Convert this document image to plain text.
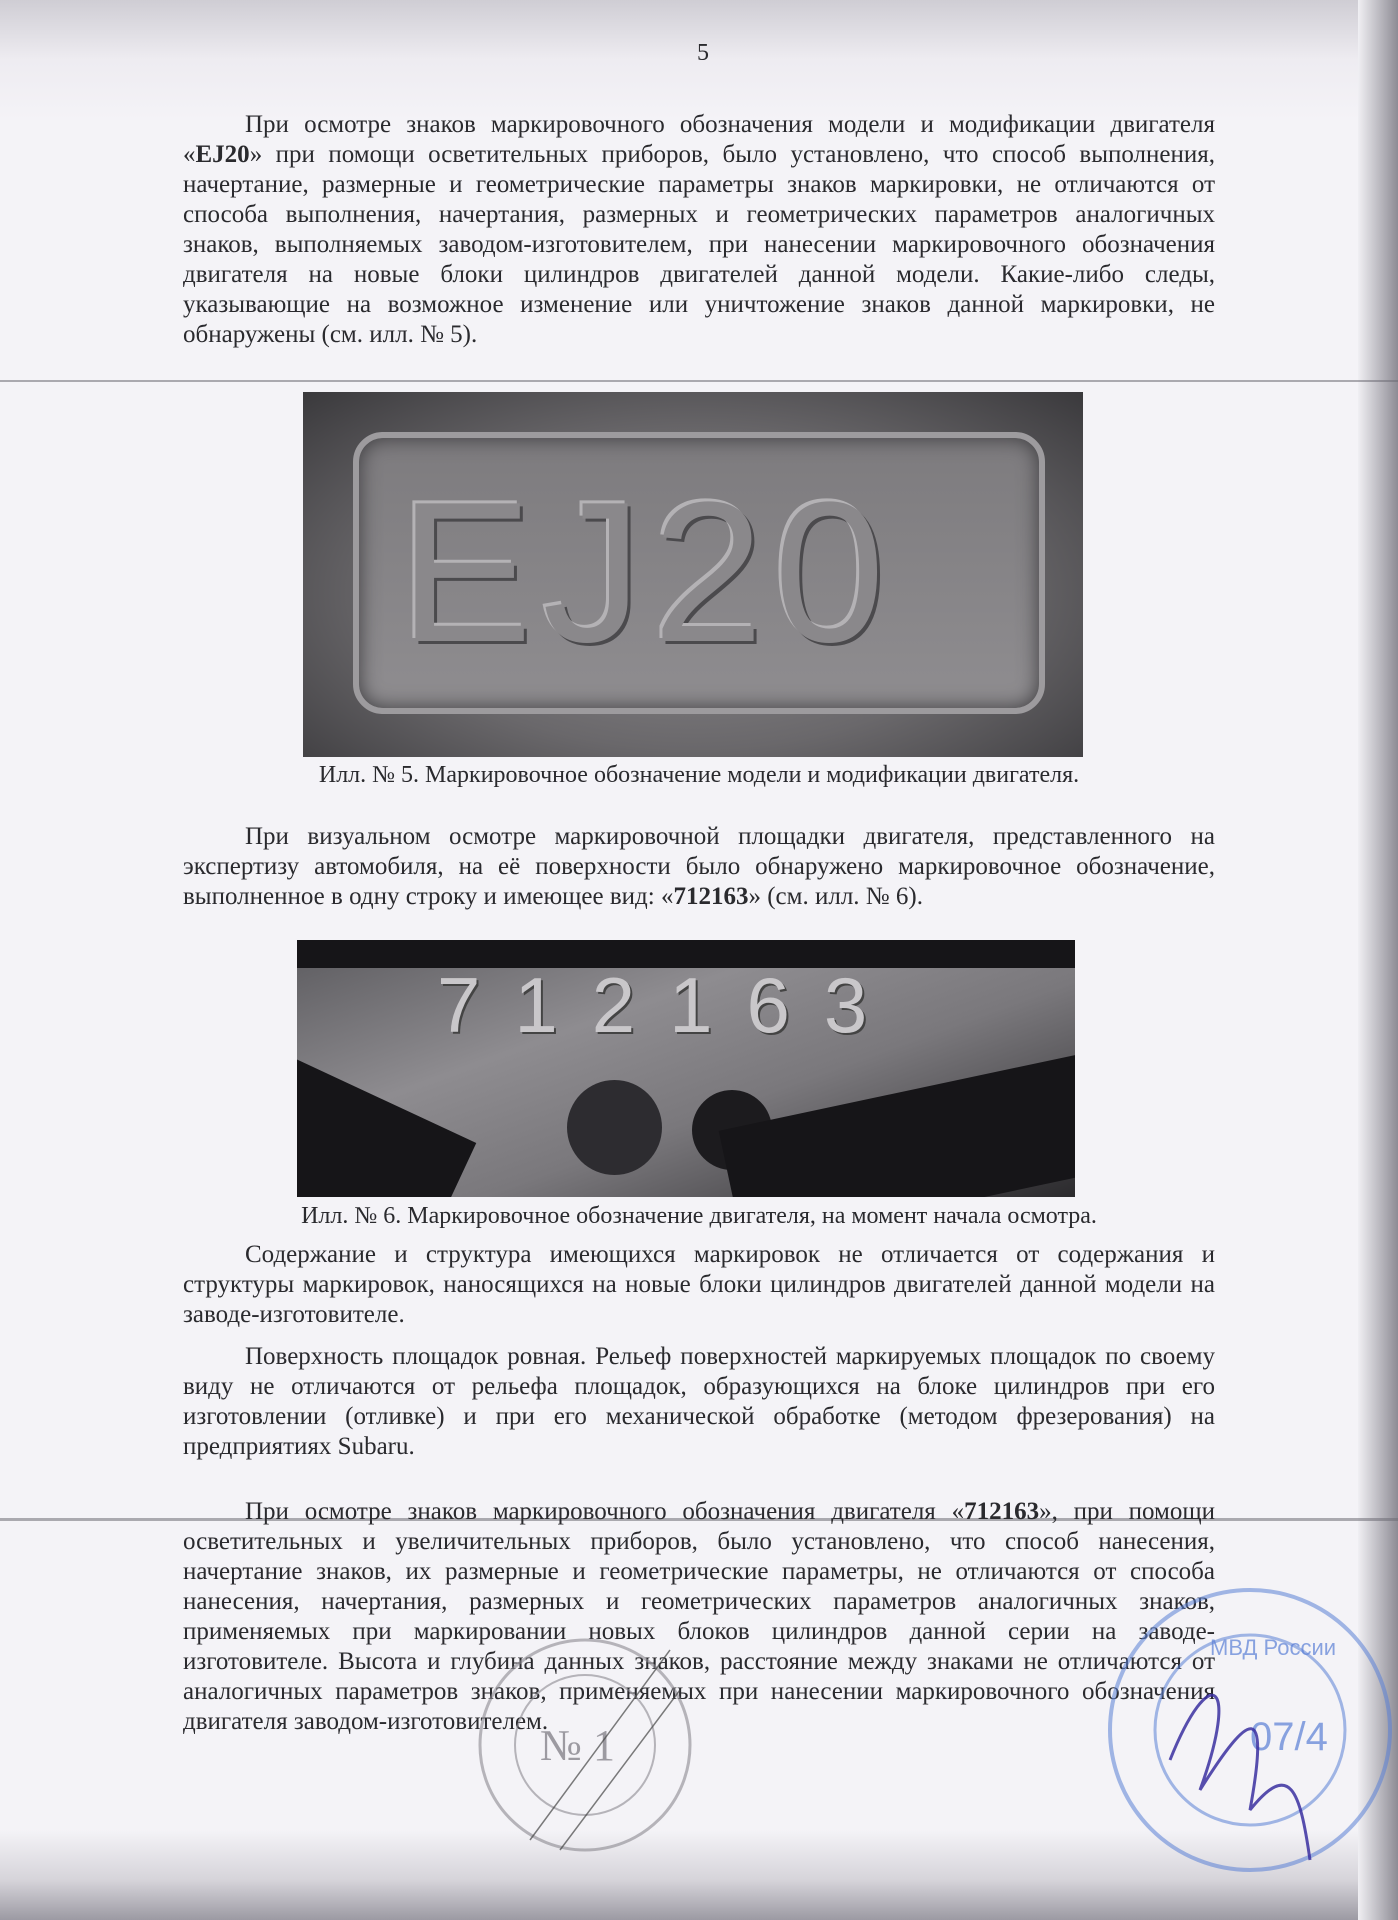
5

При осмотре знаков маркировочного обозначения модели и модификации двигателя «EJ20» при помощи осветительных приборов, было установлено, что способ выполнения, начертание, размерные и геометрические параметры знаков маркировки, не отличаются от способа выполнения, начертания, размерных и геометрических параметров аналогичных знаков, выполняемых заводом-изготовителем, при нанесении маркировочного обозначения двигателя на новые блоки цилиндров двигателей данной модели. Какие-либо следы, указывающие на возможное изменение или уничтожение знаков данной маркировки, не обнаружены (см. илл. № 5).

EJ20
Илл. № 5. Маркировочное обозначение модели и модификации двигателя.

При визуальном осмотре маркировочной площадки двигателя, представленного на экспертизу автомобиля, на её поверхности было обнаружено маркировочное обозначение, выполненное в одну строку и имеющее вид: «712163» (см. илл. № 6).

712163
Илл. № 6. Маркировочное обозначение двигателя, на момент начала осмотра.

Содержание и структура имеющихся маркировок не отличается от содержания и структуры маркировок, наносящихся на новые блоки цилиндров двигателей данной модели на заводе-изготовителе.

Поверхность площадок ровная. Рельеф поверхностей маркируемых площадок по своему виду не отличаются от рельефа площадок, образующихся на блоке цилиндров при его изготовлении (отливке) и при его механической обработке (методом фрезерования) на предприятиях Subaru.

При осмотре знаков маркировочного обозначения двигателя «712163», при помощи осветительных и увеличительных приборов, было установлено, что способ нанесения, начертание знаков, их размерные и геометрические параметры, не отличаются от способа нанесения, начертания, размерных и геометрических параметров аналогичных знаков, применяемых при маркировании новых блоков цилиндров данной серии на заводе-изготовителе. Высота и глубина данных знаков, расстояние между знаками не отличаются от аналогичных параметров знаков, применяемых при нанесении маркировочного обозначения двигателя заводом-изготовителем.

№ 1
МВД России
07/4
